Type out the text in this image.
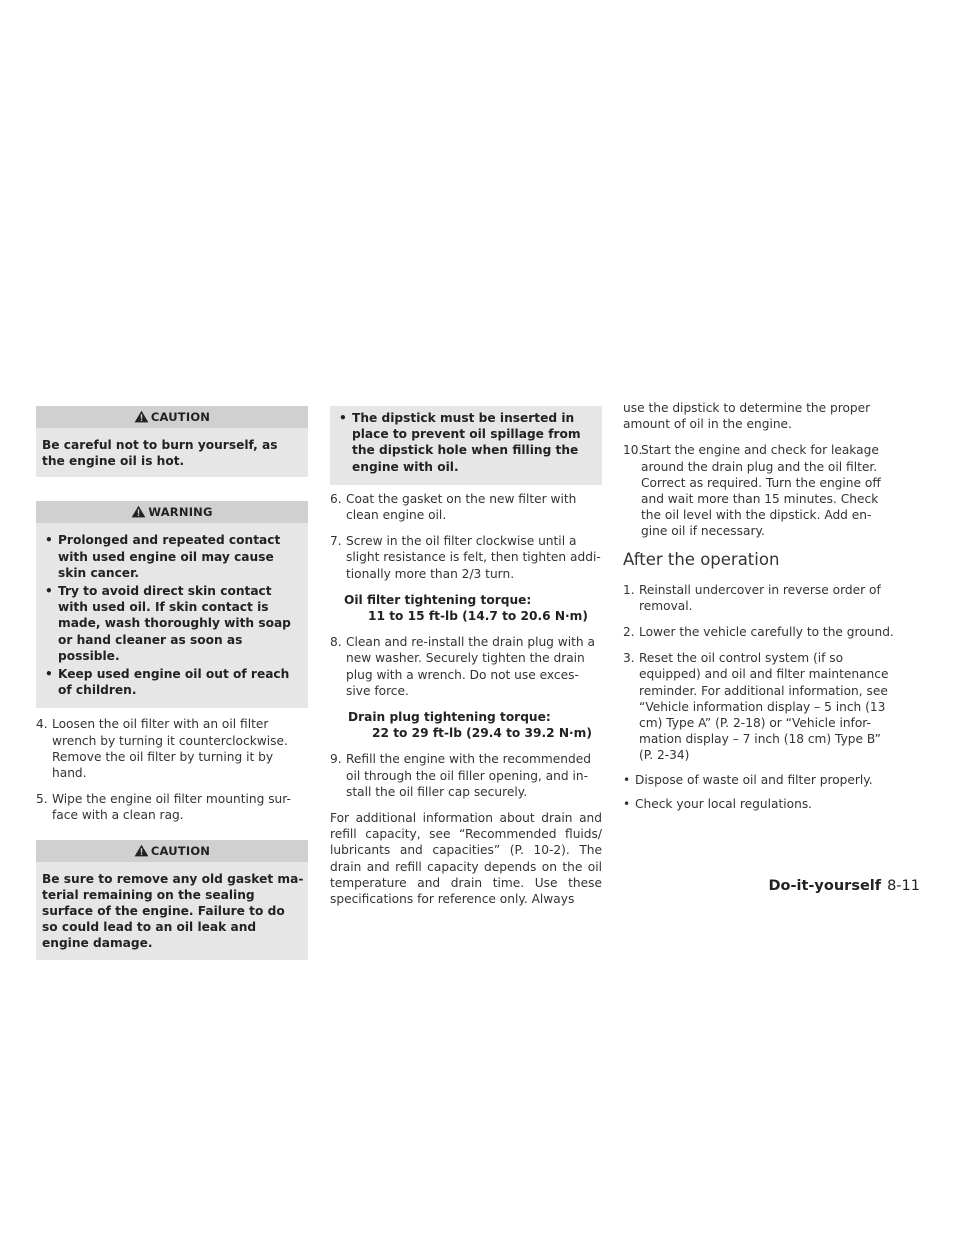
CAUTION
Be careful not to burn yourself, as the engine oil is hot.
WARNING
• Prolonged and repeated contact with used engine oil may cause skin cancer.
• Try to avoid direct skin contact with used oil. If skin contact is made, wash thoroughly with soap or hand cleaner as soon as possible.
• Keep used engine oil out of reach of children.

4. Loosen the oil filter with an oil filter wrench by turning it counterclockwise. Remove the oil filter by turning it by hand.

5. Wipe the engine oil filter mounting sur-face with a clean rag.

CAUTION
Be sure to remove any old gasket ma-terial remaining on the sealing surface of the engine. Failure to do so could lead to an oil leak and engine damage.
• The dipstick must be inserted in place to prevent oil spillage from the dipstick hole when filling the engine with oil.

6. Coat the gasket on the new filter with clean engine oil.

7. Screw in the oil filter clockwise until a slight resistance is felt, then tighten addi-tionally more than 2/3 turn.

Oil filter tightening torque:
11 to 15 ft-lb (14.7 to 20.6 N·m)

8. Clean and re-install the drain plug with a new washer. Securely tighten the drain plug with a wrench. Do not use exces-sive force.

Drain plug tightening torque:
22 to 29 ft-lb (29.4 to 39.2 N·m)

9. Refill the engine with the recommended oil through the oil filler opening, and in-stall the oil filler cap securely.

For additional information about drain and refill capacity, see “Recommended fluids/ lubricants and capacities” (P. 10-2). The drain and refill capacity depends on the oil temperature and drain time. Use these specifications for reference only. Always

use the dipstick to determine the proper amount of oil in the engine.

10.Start the engine and check for leakage around the drain plug and the oil filter. Correct as required. Turn the engine off and wait more than 15 minutes. Check the oil level with the dipstick. Add en-gine oil if necessary.

After the operation

1. Reinstall undercover in reverse order of removal.

2. Lower the vehicle carefully to the ground.

3. Reset the oil control system (if so equipped) and oil and filter maintenance reminder. For additional information, see “Vehicle information display – 5 inch (13 cm) Type A” (P. 2-18) or “Vehicle infor-mation display – 7 inch (18 cm) Type B” (P. 2-34)

• Dispose of waste oil and filter properly.

• Check your local regulations.

Do-it-yourself 8-11
